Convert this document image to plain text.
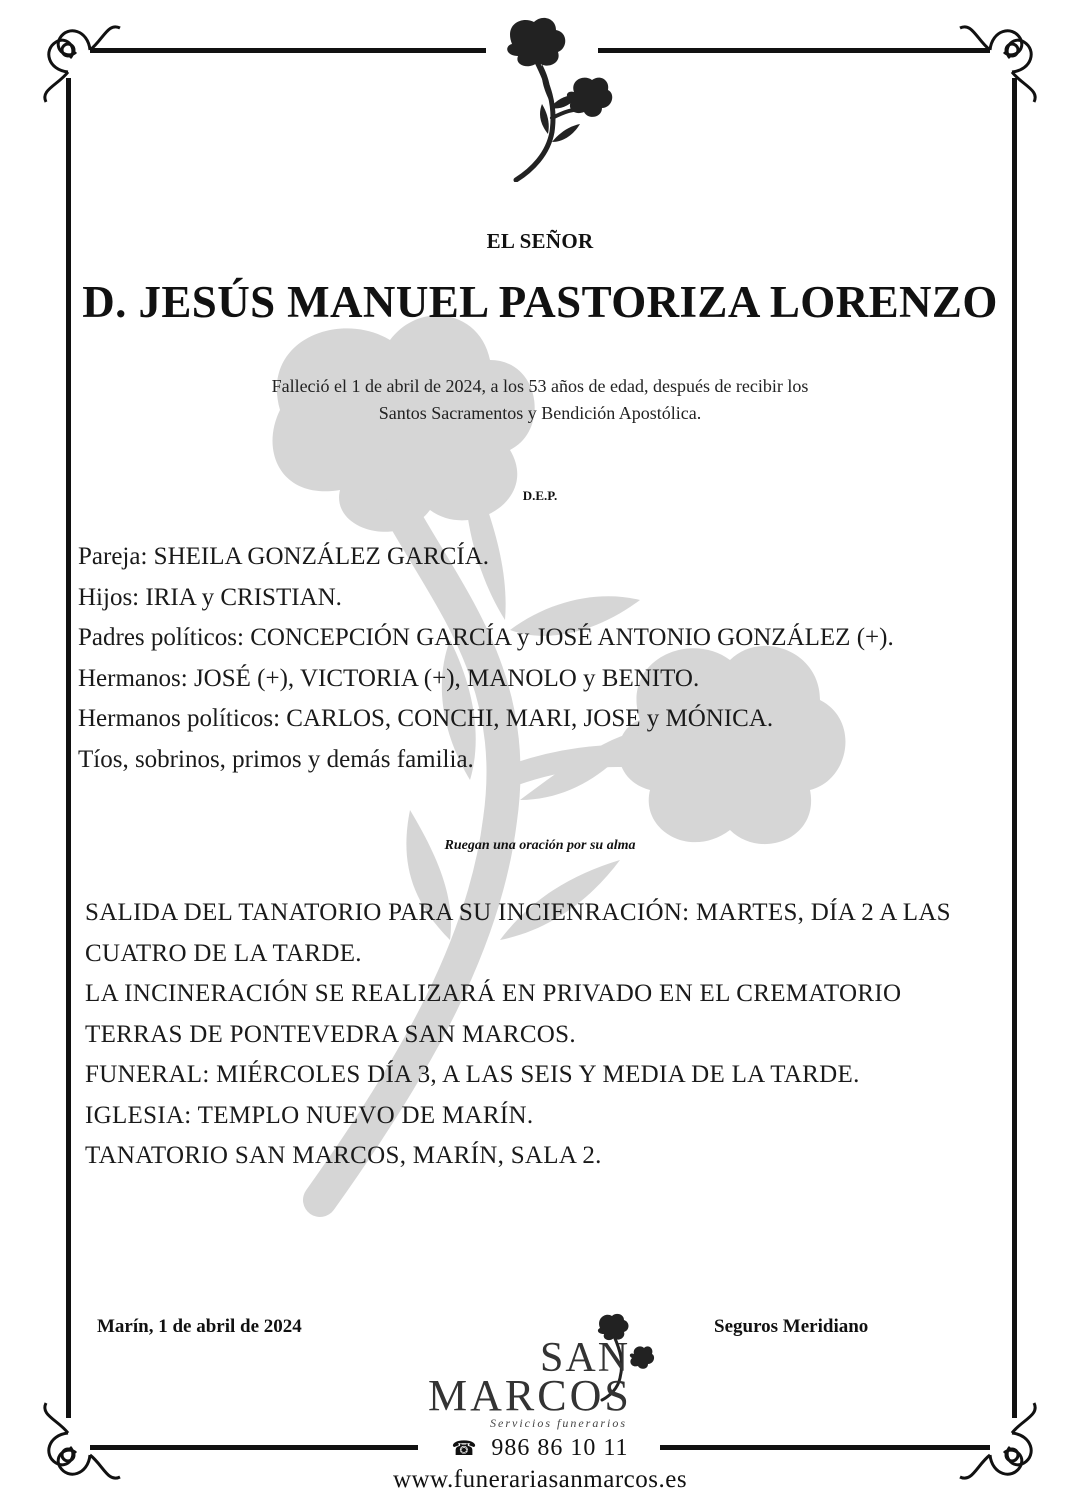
EL SEÑOR
D. JESÚS MANUEL PASTORIZA LORENZO
Falleció el 1 de abril de 2024, a los 53 años de edad, después de recibir los
Santos Sacramentos y Bendición Apostólica.
D.E.P.
Pareja: SHEILA GONZÁLEZ GARCÍA.
Hijos: IRIA y CRISTIAN.
Padres políticos: CONCEPCIÓN GARCÍA y JOSÉ ANTONIO GONZÁLEZ (+).
Hermanos: JOSÉ (+), VICTORIA (+), MANOLO y BENITO.
Hermanos políticos: CARLOS, CONCHI, MARI, JOSE y MÓNICA.
Tíos, sobrinos, primos y demás familia.
Ruegan una oración por su alma
SALIDA DEL TANATORIO PARA SU INCIENRACIÓN: MARTES, DÍA 2 A LAS CUATRO DE LA TARDE.
LA INCINERACIÓN SE REALIZARÁ EN PRIVADO EN EL CREMATORIO TERRAS DE PONTEVEDRA SAN MARCOS.
FUNERAL: MIÉRCOLES DÍA 3, A LAS SEIS Y MEDIA DE LA TARDE.
IGLESIA: TEMPLO NUEVO DE MARÍN.
TANATORIO SAN MARCOS, MARÍN, SALA 2.
Marín, 1 de abril de 2024	Seguros Meridiano
SAN
MARCOS
Servicios funerarios
☎ 986 86 10 11
www.funerariasanmarcos.es
